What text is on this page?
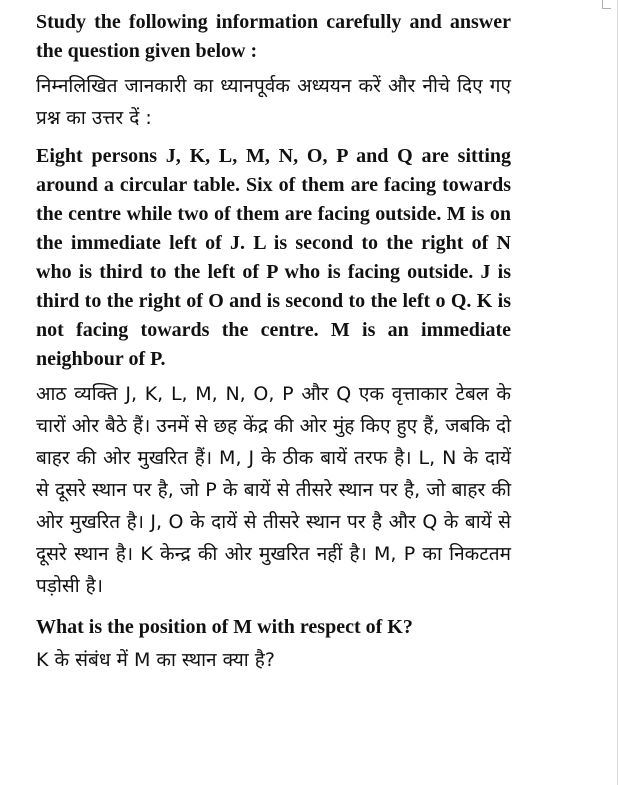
Study the following information carefully and answer the question given below :

निम्नलिखित जानकारी का ध्यानपूर्वक अध्ययन करें और नीचे दिए गए प्रश्न का उत्तर दें :

Eight persons J, K, L, M, N, O, P and Q are sitting around a circular table. Six of them are facing towards the centre while two of them are facing outside. M is on the immediate left of J. L is second to the right of N who is third to the left of P who is facing outside. J is third to the right of O and is second to the left o Q. K is not facing towards the centre. M is an immediate neighbour of P.

आठ व्यक्ति J, K, L, M, N, O, P और Q एक वृत्ताकार टेबल के चारों ओर बैठे हैं। उनमें से छह केंद्र की ओर मुंह किए हुए हैं, जबकि दो बाहर की ओर मुखरित हैं। M, J के ठीक बायें तरफ है। L, N के दायें से दूसरे स्थान पर है, जो P के बायें से तीसरे स्थान पर है, जो बाहर की ओर मुखरित है। J, O के दायें से तीसरे स्थान पर है और Q के बायें से दूसरे स्थान है। K केन्द्र की ओर मुखरित नहीं है। M, P का निकटतम पड़ोसी है।

What is the position of M with respect of K?

K के संबंध में M का स्थान क्या है?
